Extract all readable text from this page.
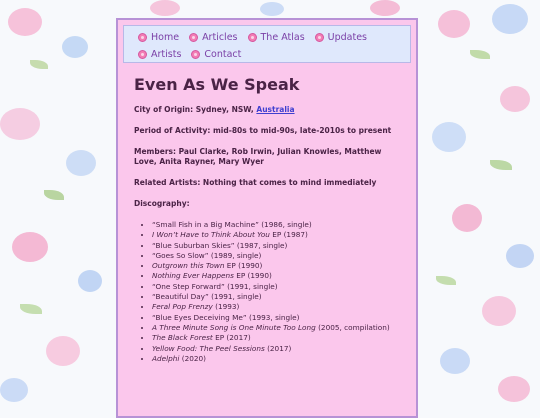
Home Articles The Atlas Updates
Artists Contact
Even As We Speak

City of Origin: Sydney, NSW, Australia

Period of Activity: mid-80s to mid-90s, late-2010s to present

Members: Paul Clarke, Rob Irwin, Julian Knowles, Matthew Love, Anita Rayner, Mary Wyer

Related Artists: Nothing that comes to mind immediately

Discography:

• “Small Fish in a Big Machine” (1986, single)
• I Won’t Have to Think About You EP (1987)
• “Blue Suburban Skies” (1987, single)
• “Goes So Slow” (1989, single)
• Outgrown this Town EP (1990)
• Nothing Ever Happens EP (1990)
• “One Step Forward” (1991, single)
• “Beautiful Day” (1991, single)
• Feral Pop Frenzy (1993)
• “Blue Eyes Deceiving Me” (1993, single)
• A Three Minute Song is One Minute Too Long (2005, compilation)
• The Black Forest EP (2017)
• Yellow Food: The Peel Sessions (2017)
• Adelphi (2020)
